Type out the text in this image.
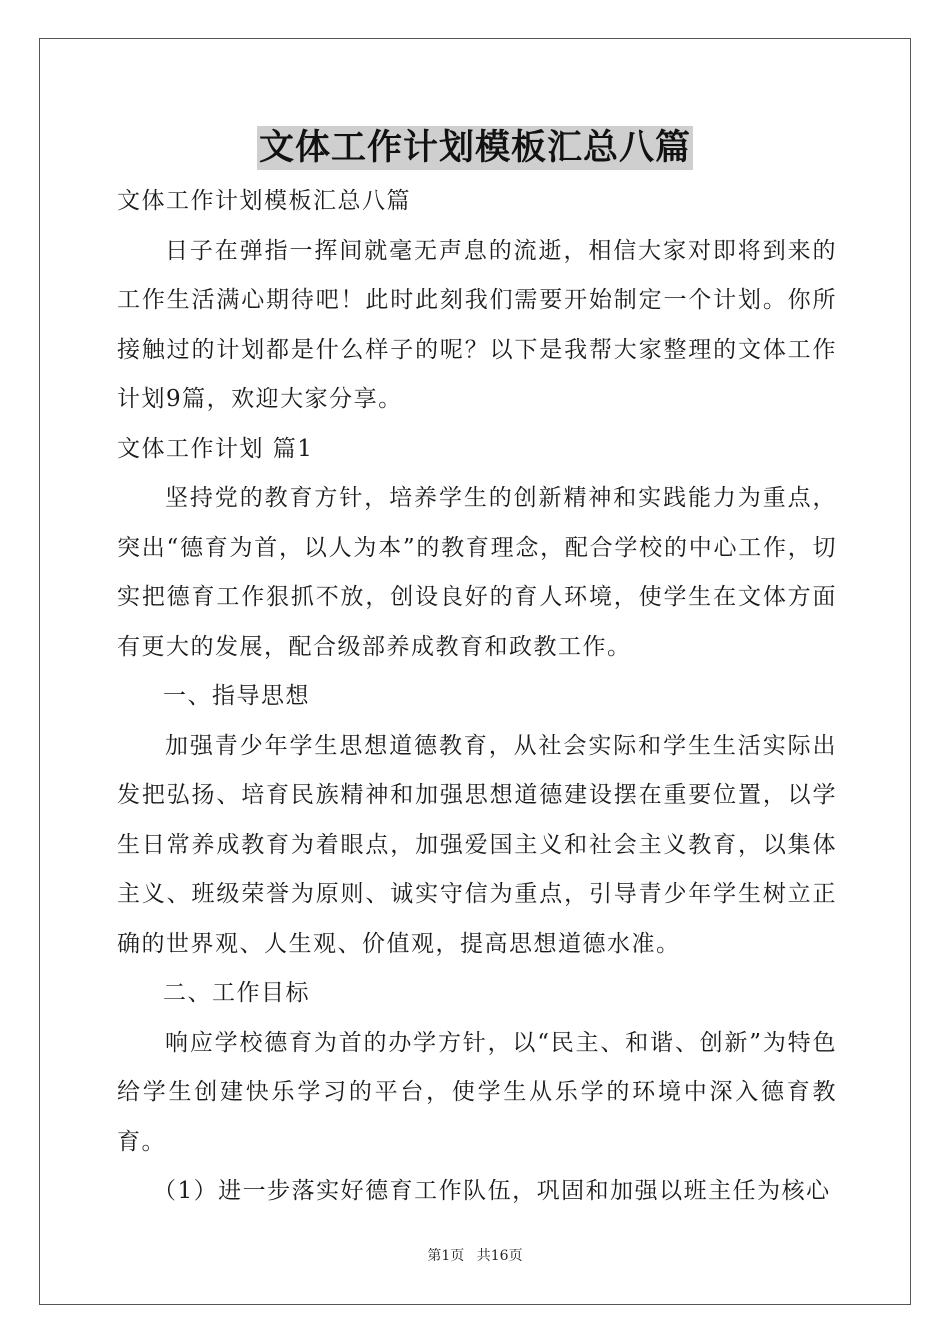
文体工作计划模板汇总八篇

文体工作计划模板汇总八篇

日子在弹指一挥间就毫无声息的流逝，相信大家对即将到来的工作生活满心期待吧！此时此刻我们需要开始制定一个计划。你所接触过的计划都是什么样子的呢？以下是我帮大家整理的文体工作计划9篇，欢迎大家分享。

文体工作计划 篇1

坚持党的教育方针，培养学生的创新精神和实践能力为重点，突出“德育为首，以人为本”的教育理念，配合学校的中心工作，切实把德育工作狠抓不放，创设良好的育人环境，使学生在文体方面有更大的发展，配合级部养成教育和政教工作。

一、指导思想

加强青少年学生思想道德教育，从社会实际和学生生活实际出发把弘扬、培育民族精神和加强思想道德建设摆在重要位置，以学生日常养成教育为着眼点，加强爱国主义和社会主义教育，以集体主义、班级荣誉为原则、诚实守信为重点，引导青少年学生树立正确的世界观、人生观、价值观，提高思想道德水准。

二、工作目标

响应学校德育为首的办学方针，以“民主、和谐、创新”为特色给学生创建快乐学习的平台，使学生从乐学的环境中深入德育教育。

（1）进一步落实好德育工作队伍，巩固和加强以班主任为核心

第1页 共16页
